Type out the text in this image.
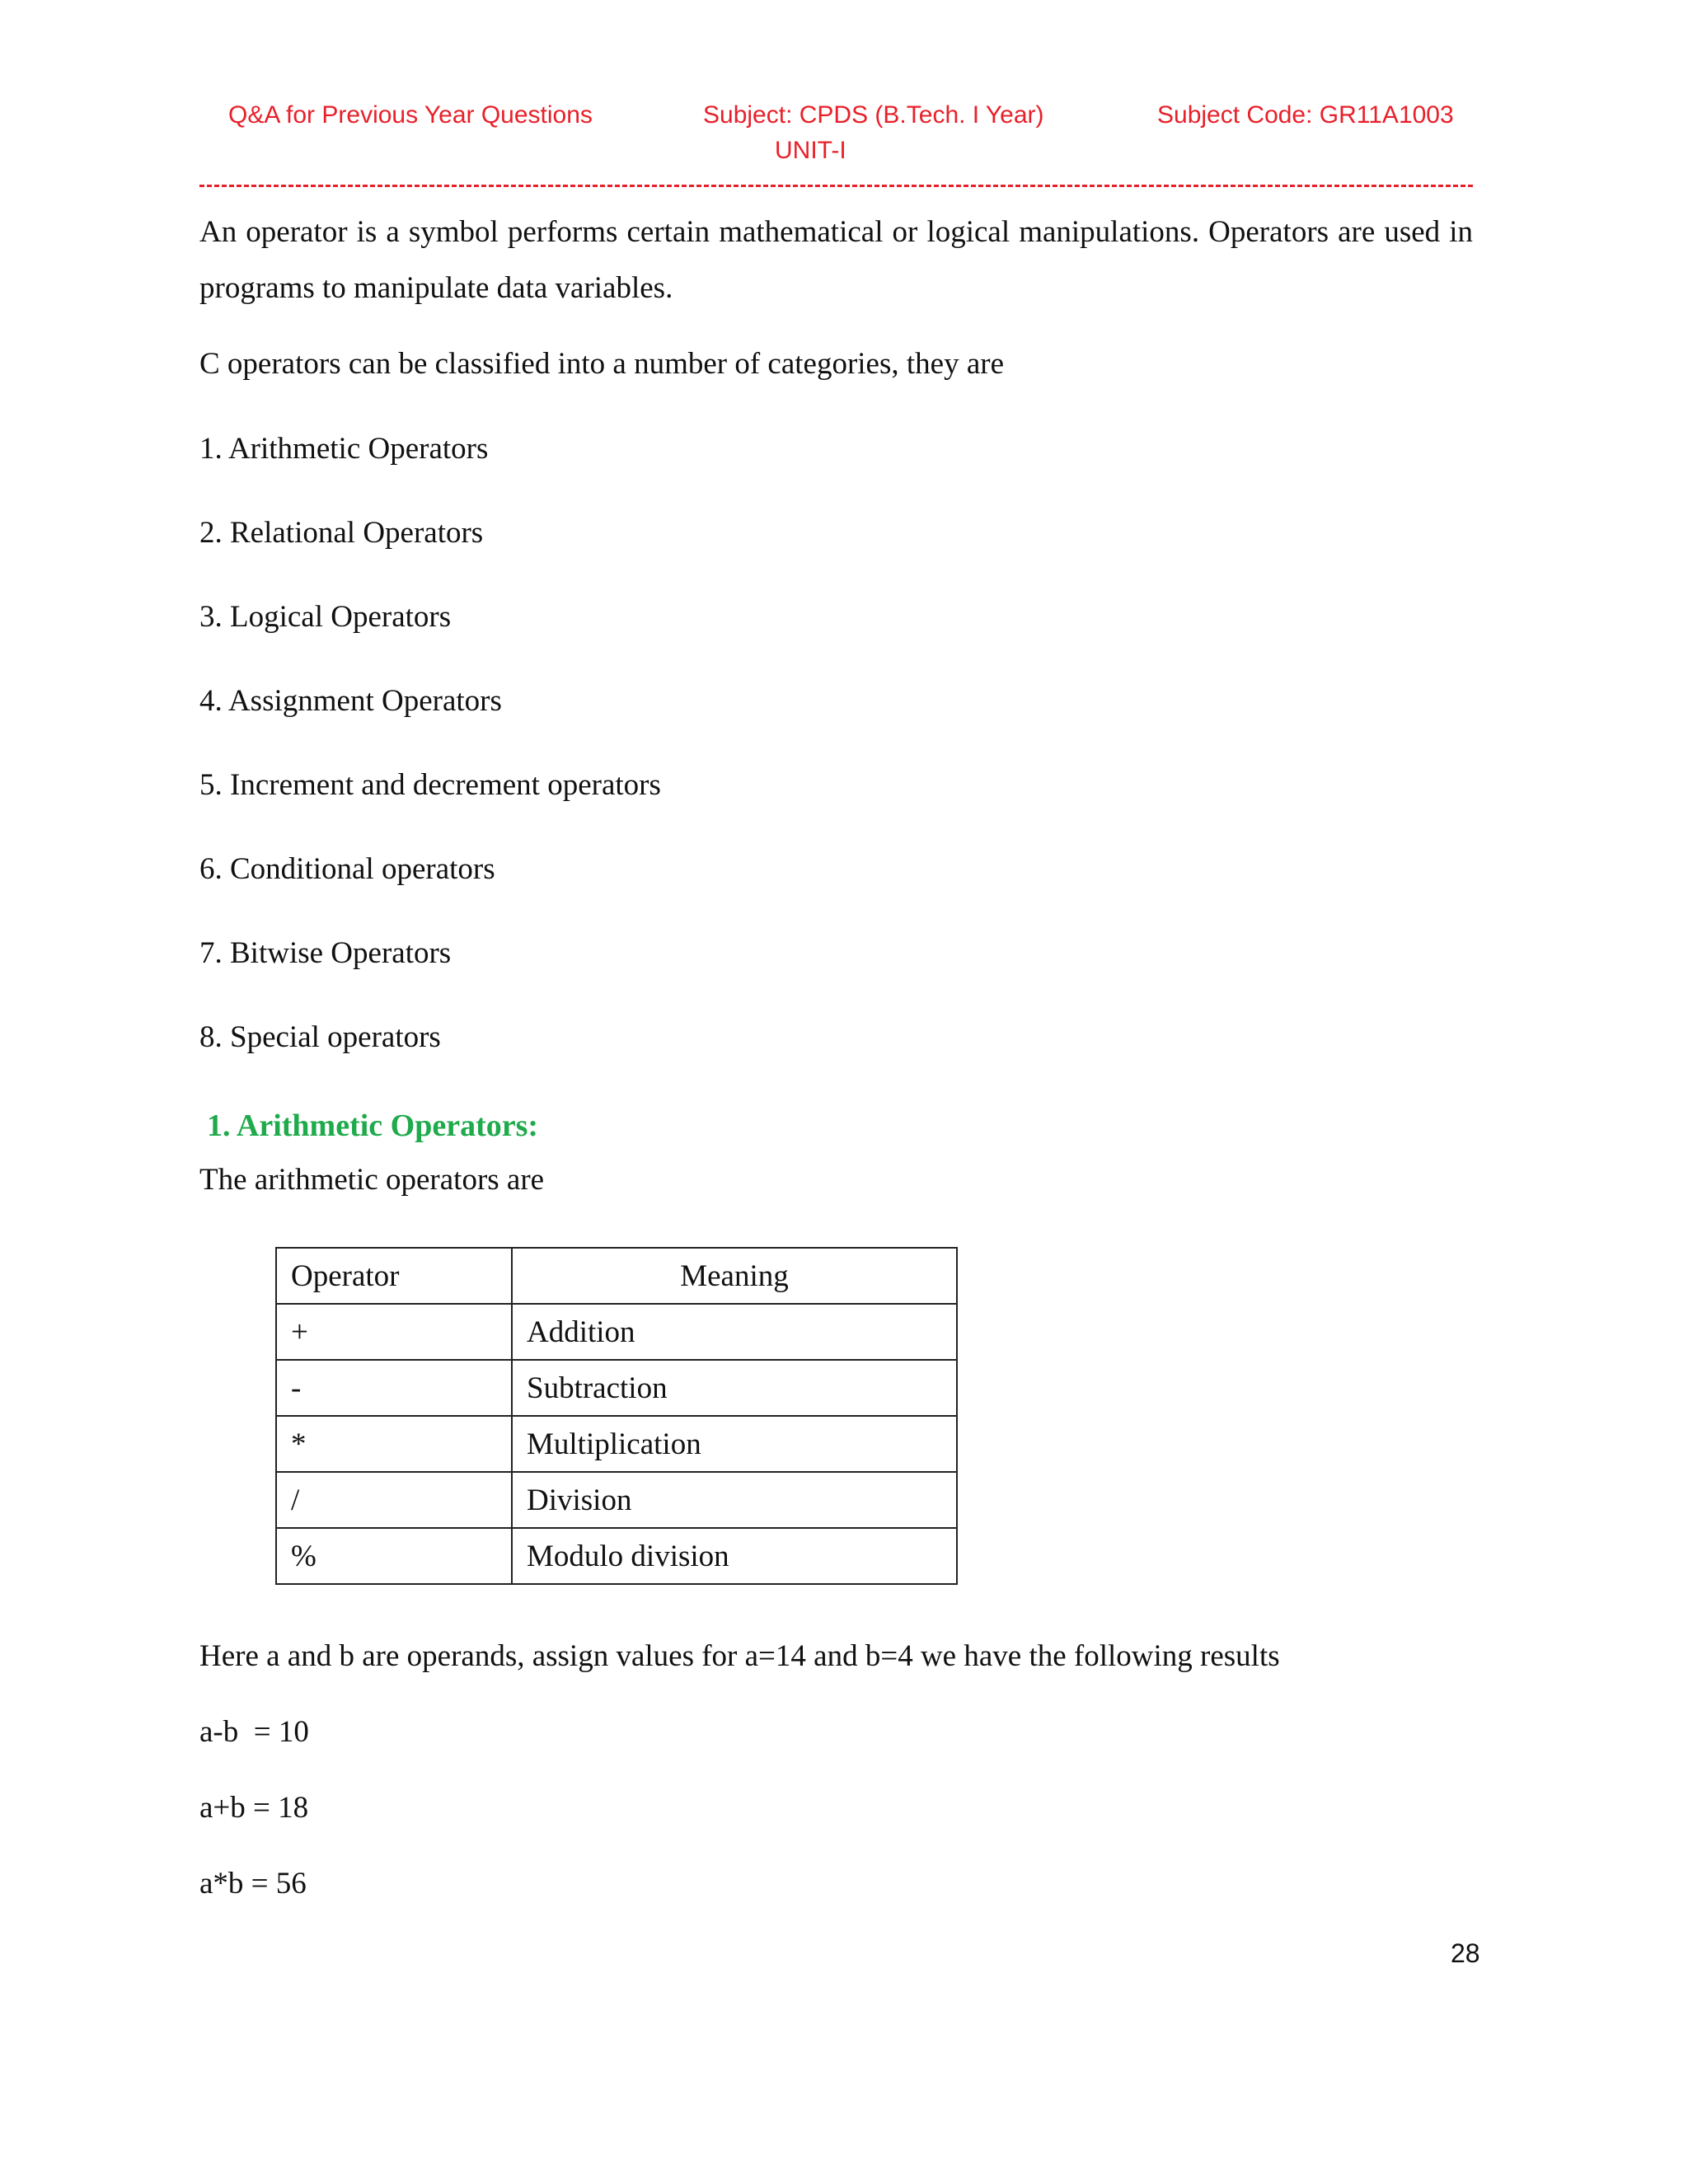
Q&A for Previous Year Questions	Subject: CPDS (B.Tech. I Year)
UNIT-I
Subject Code: GR11A1003
An operator is a symbol performs certain mathematical or logical manipulations. Operators are used in programs to manipulate data variables.
C operators can be classified into a number of categories, they are
1. Arithmetic Operators
2. Relational Operators
3. Logical Operators
4. Assignment Operators
5. Increment and decrement operators
6. Conditional operators
7. Bitwise Operators
8. Special operators
1. Arithmetic Operators:
The arithmetic operators are
Operator	Meaning
+	Addition
-	Subtraction
*	Multiplication
/	Division
%	Modulo division
Here a and b are operands, assign values for a=14 and b=4 we have the following results
a-b  = 10
a+b = 18
a*b = 56
28
